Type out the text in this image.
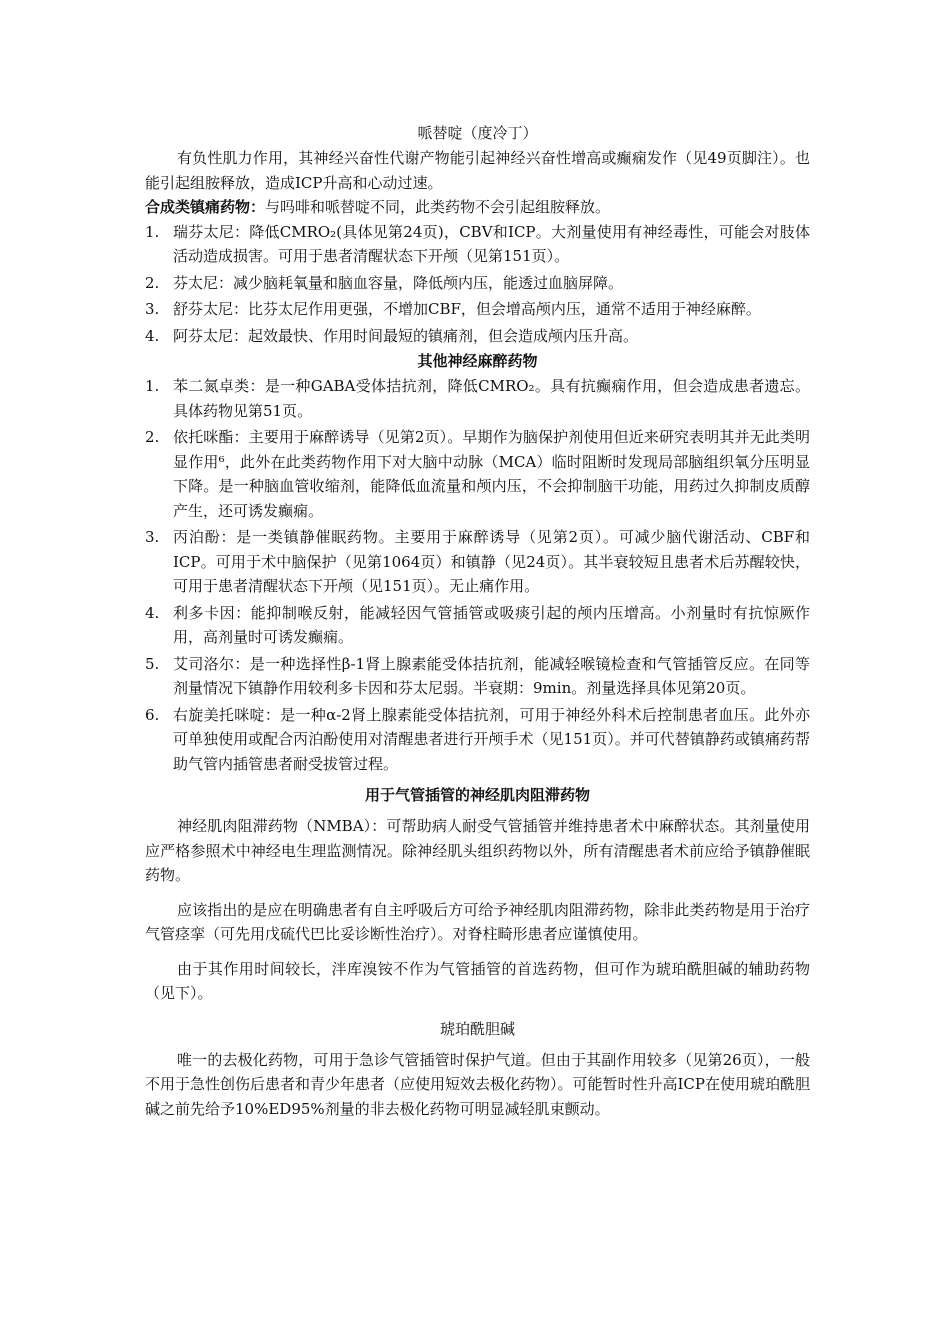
哌替啶（度冷丁）

有负性肌力作用，其神经兴奋性代谢产物能引起神经兴奋性增高或癫痫发作（见49页脚注）。也能引起组胺释放，造成ICP升高和心动过速。

合成类镇痛药物：与吗啡和哌替啶不同，此类药物不会引起组胺释放。

1. 瑞芬太尼：降低CMRO₂(具体见第24页)，CBV和ICP。大剂量使用有神经毒性，可能会对肢体活动造成损害。可用于患者清醒状态下开颅（见第151页）。
2. 芬太尼：减少脑耗氧量和脑血容量，降低颅内压，能透过血脑屏障。
3. 舒芬太尼：比芬太尼作用更强，不增加CBF，但会增高颅内压，通常不适用于神经麻醉。
4. 阿芬太尼：起效最快、作用时间最短的镇痛剂，但会造成颅内压升高。

其他神经麻醉药物

1. 苯二氮卓类：是一种GABA受体拮抗剂，降低CMRO₂。具有抗癫痫作用，但会造成患者遗忘。具体药物见第51页。
2. 依托咪酯：主要用于麻醉诱导（见第2页）。早期作为脑保护剂使用但近来研究表明其并无此类明显作用⁶，此外在此类药物作用下对大脑中动脉（MCA）临时阻断时发现局部脑组织氧分压明显下降。是一种脑血管收缩剂，能降低血流量和颅内压，不会抑制脑干功能，用药过久抑制皮质醇产生，还可诱发癫痫。
3. 丙泊酚：是一类镇静催眠药物。主要用于麻醉诱导（见第2页）。可减少脑代谢活动、CBF和ICP。可用于术中脑保护（见第1064页）和镇静（见24页）。其半衰较短且患者术后苏醒较快，可用于患者清醒状态下开颅（见151页）。无止痛作用。
4. 利多卡因：能抑制喉反射，能减轻因气管插管或吸痰引起的颅内压增高。小剂量时有抗惊厥作用，高剂量时可诱发癫痫。
5. 艾司洛尔：是一种选择性β-1肾上腺素能受体拮抗剂，能减轻喉镜检查和气管插管反应。在同等剂量情况下镇静作用较利多卡因和芬太尼弱。半衰期：9min。剂量选择具体见第20页。
6. 右旋美托咪啶：是一种α-2肾上腺素能受体拮抗剂，可用于神经外科术后控制患者血压。此外亦可单独使用或配合丙泊酚使用对清醒患者进行开颅手术（见151页）。并可代替镇静药或镇痛药帮助气管内插管患者耐受拔管过程。

用于气管插管的神经肌肉阻滞药物

神经肌肉阻滞药物（NMBA）：可帮助病人耐受气管插管并维持患者术中麻醉状态。其剂量使用应严格参照术中神经电生理监测情况。除神经肌头组织药物以外，所有清醒患者术前应给予镇静催眠药物。

应该指出的是应在明确患者有自主呼吸后方可给予神经肌肉阻滞药物，除非此类药物是用于治疗气管痉挛（可先用戊硫代巴比妥诊断性治疗）。对脊柱畸形患者应谨慎使用。

由于其作用时间较长，泮库溴铵不作为气管插管的首选药物，但可作为琥珀酰胆碱的辅助药物（见下）。

琥珀酰胆碱

唯一的去极化药物，可用于急诊气管插管时保护气道。但由于其副作用较多（见第26页），一般不用于急性创伤后患者和青少年患者（应使用短效去极化药物）。可能暂时性升高ICP在使用琥珀酰胆碱之前先给予10%ED95%剂量的非去极化药物可明显减轻肌束颤动。
